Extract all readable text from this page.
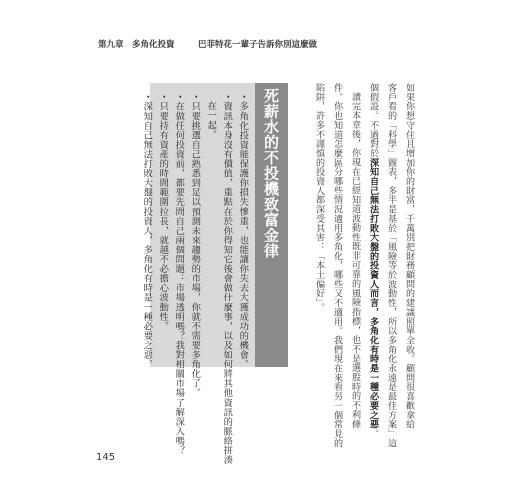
第九章　多角化投資	巴菲特花一輩子告訴你別這麼做
如果你想守住且增加你的財富，千萬別把財務顧問的建議照單全收。顧問很喜歡拿給
客戶看的「科學」圖表，多半是基於「風險等於波動性，所以多角化永遠是最佳方案」這
個假設。不過對於深知自己無法打敗大盤的投資人而言，多角化有時是一種必要之惡。
讀完本章後，你現在已經知道波動性既非可靠的風險指標，也不是選股時的不利條
件。你也知道怎麼區分哪些情況適用多角化，哪些又不適用。我們現在來看另一個常見的
陷阱，許多不謹慎的投資人都深受其害：「本土偏好」。
死薪水的不投機致富金律
・多角化投資能保護你損失慘重，也能讓你失去大獲成功的機會。
・資訊本身沒有價值，重點在於你得知它後會做什麼事，以及如何將其他資訊的脈絡拼湊
在一起。
・只要挑選自己熟悉到足以預測未來趨勢的市場，你就不需要多角化了。
・在做任何投資前，都要先問自己兩個問題：市場透明嗎？我對相關市場了解深入嗎？
・只要持有資產的時間範圍拉長，就越不必擔心波動性。
・深知自己無法打敗大盤的投資人，多角化有時是一種必要之惡。
145
